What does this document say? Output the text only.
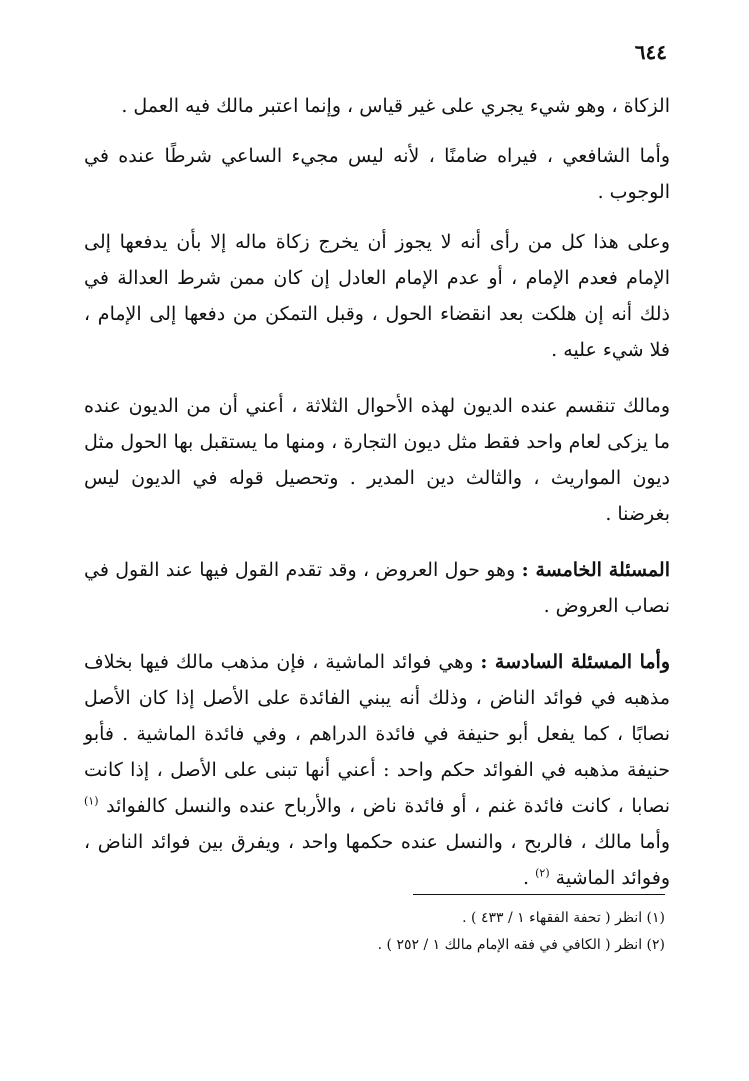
٦٤٤

الزكاة ، وهو شيء يجري على غير قياس ، وإنما اعتبر مالك فيه العمل .

وأما الشافعي ، فيراه ضامنًا ، لأنه ليس مجيء الساعي شرطًا عنده في الوجوب .

وعلى هذا كل من رأى أنه لا يجوز أن يخرج زكاة ماله إلا بأن يدفعها إلى الإمام فعدم الإمام ، أو عدم الإمام العادل إن كان ممن شرط العدالة في ذلك أنه إن هلكت بعد انقضاء الحول ، وقبل التمكن من دفعها إلى الإمام ، فلا شيء عليه .

ومالك تنقسم عنده الديون لهذه الأحوال الثلاثة ، أعني أن من الديون عنده ما يزكى لعام واحد فقط مثل ديون التجارة ، ومنها ما يستقبل بها الحول مثل ديون المواريث ، والثالث دين المدير . وتحصيل قوله في الديون ليس بغرضنا .

المسئلة الخامسة : وهو حول العروض ، وقد تقدم القول فيها عند القول في نصاب العروض .

وأما المسئلة السادسة : وهي فوائد الماشية ، فإن مذهب مالك فيها بخلاف مذهبه في فوائد الناض ، وذلك أنه يبني الفائدة على الأصل إذا كان الأصل نصابًا ، كما يفعل أبو حنيفة في فائدة الدراهم ، وفي فائدة الماشية . فأبو حنيفة مذهبه في الفوائد حكم واحد : أعني أنها تبنى على الأصل ، إذا كانت نصابا ، كانت فائدة غنم ، أو فائدة ناض ، والأرباح عنده والنسل كالفوائد $^{(١)}$ وأما مالك ، فالربح ، والنسل عنده حكمها واحد ، ويفرق بين فوائد الناض ، وفوائد الماشية $^{(٢)}$ .

(١) انظر ( تحفة الفقهاء ١ / ٤٣٣ ) .

(٢) انظر ( الكافي في فقه الإمام مالك ١ / ٢٥٢ ) .
